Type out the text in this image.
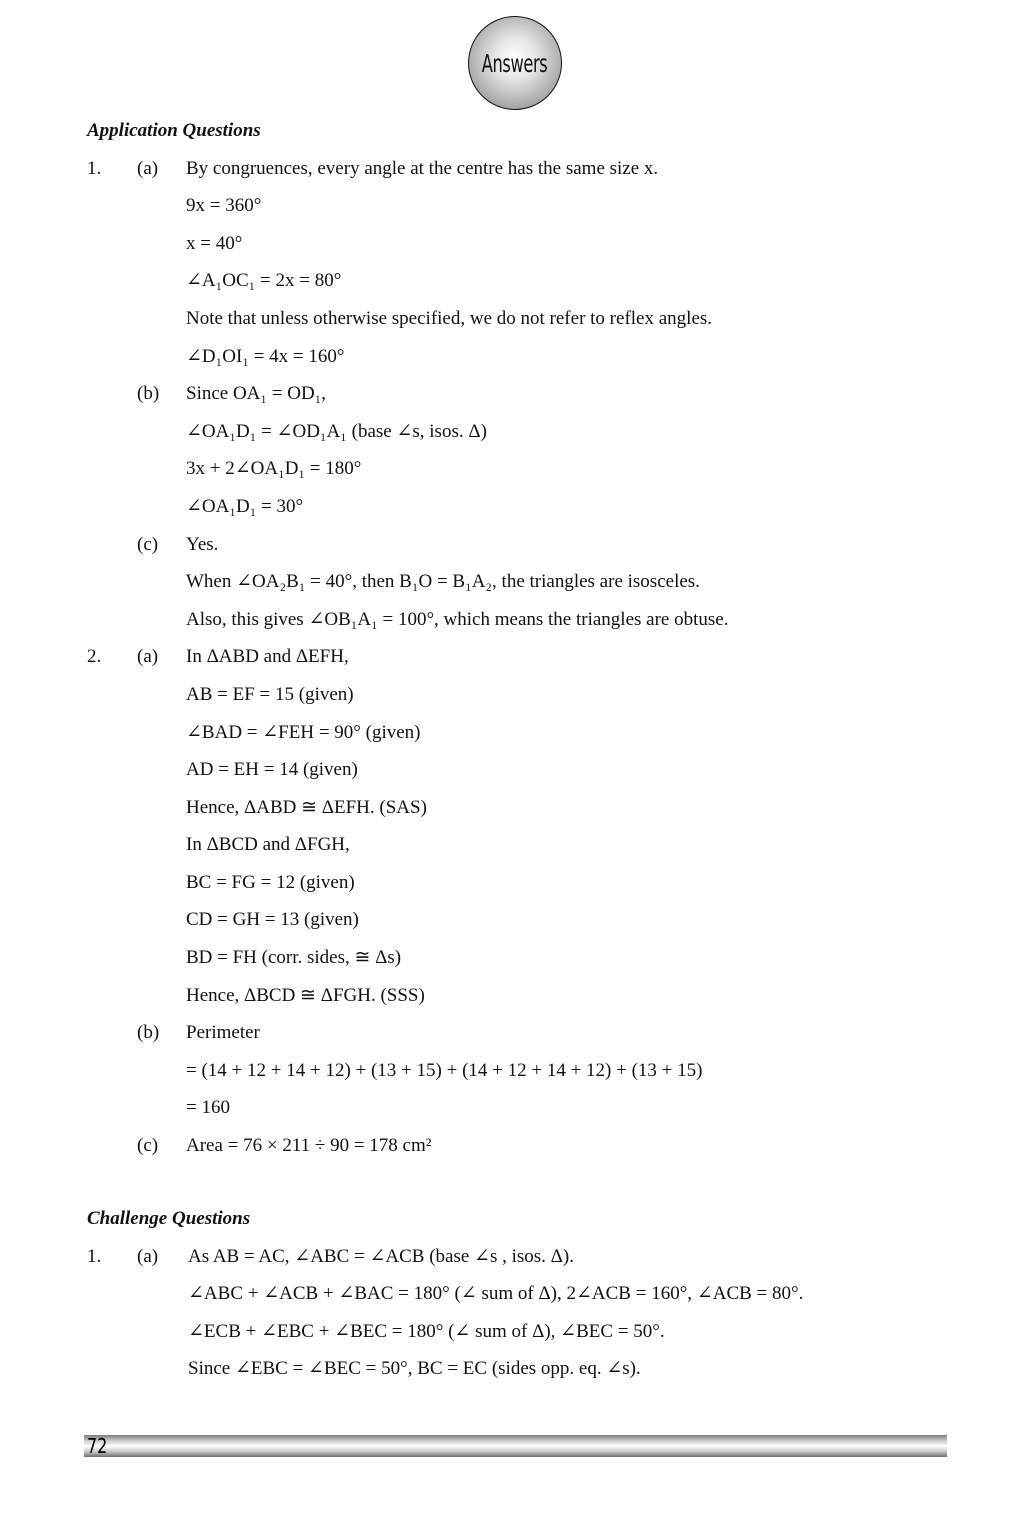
Answers
Application Questions
1. (a) By congruences, every angle at the centre has the same size x.
9x = 360°
x = 40°
∠A₁OC₁ = 2x = 80°
Note that unless otherwise specified, we do not refer to reflex angles.
∠D₁OI₁ = 4x = 160°
(b) Since OA₁ = OD₁,
∠OA₁D₁ = ∠OD₁A₁ (base ∠s, isos. Δ)
3x + 2∠OA₁D₁ = 180°
∠OA₁D₁ = 30°
(c) Yes.
When ∠OA₂B₁ = 40°, then B₁O = B₁A₂, the triangles are isosceles.
Also, this gives ∠OB₁A₁ = 100°, which means the triangles are obtuse.
2. (a) In ΔABD and ΔEFH,
AB = EF = 15 (given)
∠BAD = ∠FEH = 90° (given)
AD = EH = 14 (given)
Hence, ΔABD ≅ ΔEFH. (SAS)
In ΔBCD and ΔFGH,
BC = FG = 12 (given)
CD = GH = 13 (given)
BD = FH (corr. sides, ≅ Δs)
Hence, ΔBCD ≅ ΔFGH. (SSS)
(b) Perimeter
= (14 + 12 + 14 + 12) + (13 + 15) + (14 + 12 + 14 + 12) + (13 + 15)
= 160
(c) Area = 76 × 211 ÷ 90 = 178 cm²
Challenge Questions
1. (a) As AB = AC, ∠ABC = ∠ACB (base ∠s , isos. Δ).
∠ABC + ∠ACB + ∠BAC = 180° (∠ sum of Δ), 2∠ACB = 160°, ∠ACB = 80°.
∠ECB + ∠EBC + ∠BEC = 180° (∠ sum of Δ), ∠BEC = 50°.
Since ∠EBC = ∠BEC = 50°, BC = EC (sides opp. eq. ∠s).
72
